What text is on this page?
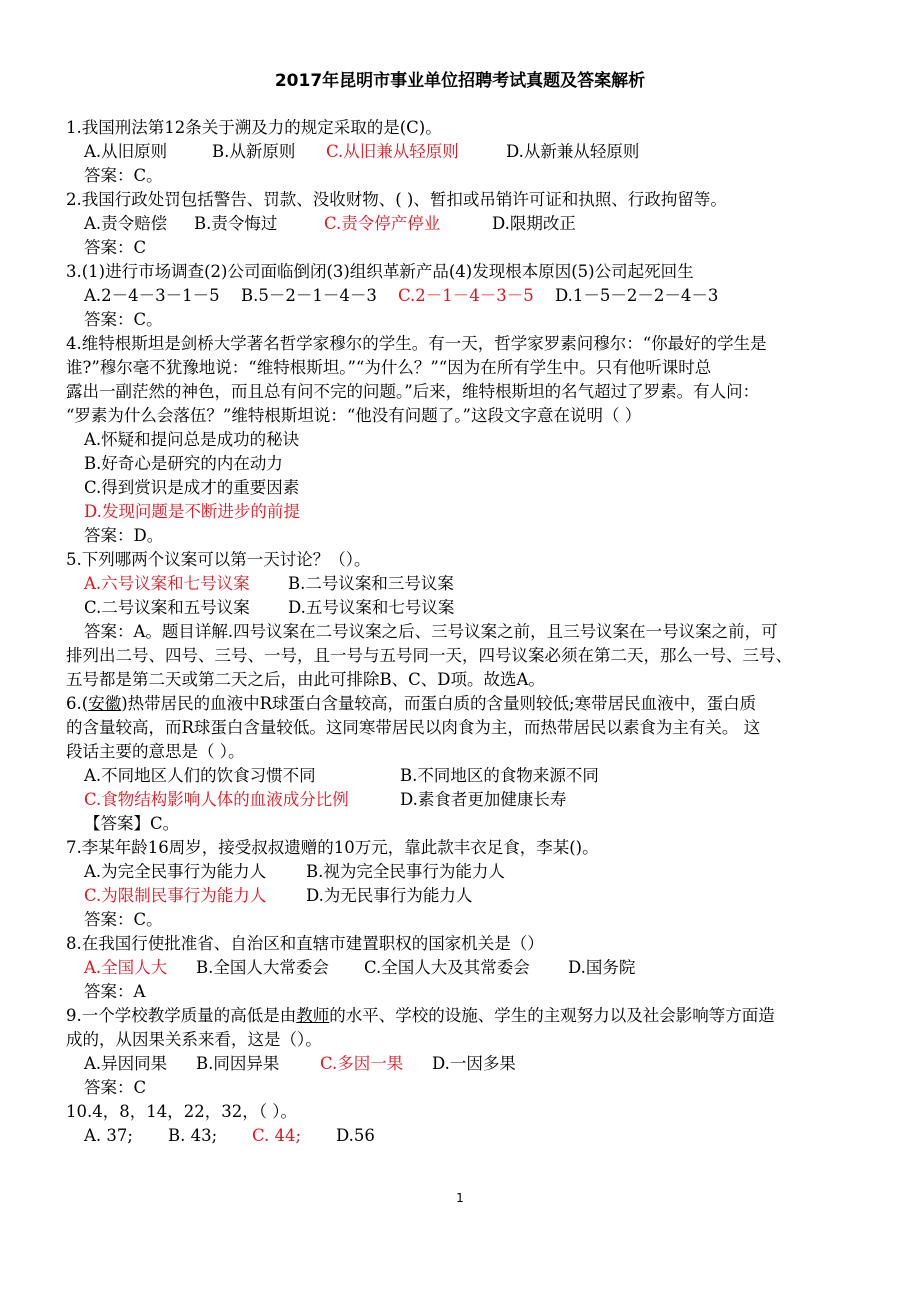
2017年昆明市事业单位招聘考试真题及答案解析
1.我国刑法第12条关于溯及力的规定采取的是(C)。
A.从旧原则	B.从新原则 C.从旧兼从轻原则	D.从新兼从轻原则
答案：C。
2.我国行政处罚包括警告、罚款、没收财物、( )、暂扣或吊销许可证和执照、行政拘留等。
A.责令赔偿 B.责令悔过	C.责令停产停业	D.限期改正
答案：C
3.(1)进行市场调查(2)公司面临倒闭(3)组织革新产品(4)发现根本原因(5)公司起死回生
A.2－4－3－1－5 B.5－2－1－4－3 C.2－1－4－3－5 D.1－5－2－2－4－3
答案：C。
4.维特根斯坦是剑桥大学著名哲学家穆尔的学生。有一天，哲学家罗素问穆尔：“你最好的学生是
谁?”穆尔毫不犹豫地说：“维特根斯坦。”“为什么？”“因为在所有学生中。只有他听课时总
露出一副茫然的神色，而且总有问不完的问题。”后来，维特根斯坦的名气超过了罗素。有人问：
“罗素为什么会落伍？”维特根斯坦说：“他没有问题了。”这段文字意在说明（ ）
A.怀疑和提问总是成功的秘诀
B.好奇心是研究的内在动力
C.得到赏识是成才的重要因素
D.发现问题是不断进步的前提
答案：D。
5.下列哪两个议案可以第一天讨论？（）。
A.六号议案和七号议案 B.二号议案和三号议案
C.二号议案和五号议案 D.五号议案和七号议案
答案：A。题目详解.四号议案在二号议案之后、三号议案之前，且三号议案在一号议案之前，可
排列出二号、四号、三号、一号，且一号与五号同一天，四号议案必须在第二天，那么一号、三号、
五号都是第二天或第二天之后，由此可排除B、C、D项。故选A。
6.(安徽)热带居民的血液中R球蛋白含量较高，而蛋白质的含量则较低;寒带居民血液中，蛋白质
的含量较高，而R球蛋白含量较低。这同寒带居民以肉食为主，而热带居民以素食为主有关。 这
段话主要的意思是（ ）。
A.不同地区人们的饮食习惯不同	B.不同地区的食物来源不同
C.食物结构影响人体的血液成分比例	D.素食者更加健康长寿
【答案】C。
7.李某年龄16周岁，接受叔叔遗赠的10万元，靠此款丰衣足食，李某()。
A.为完全民事行为能力人 B.视为完全民事行为能力人
C.为限制民事行为能力人 D.为无民事行为能力人
答案：C。
8.在我国行使批准省、自治区和直辖市建置职权的国家机关是（）
A.全国人大 B.全国人大常委会 C.全国人大及其常委会 D.国务院
答案：A
9.一个学校教学质量的高低是由教师的水平、学校的设施、学生的主观努力以及社会影响等方面造
成的，从因果关系来看，这是（）。
A.异因同果 B.同因异果 C.多因一果 D.一因多果
答案：C
10.4，8，14，22，32，（ ）。
A. 37; B. 43; C. 44; D.56
1
